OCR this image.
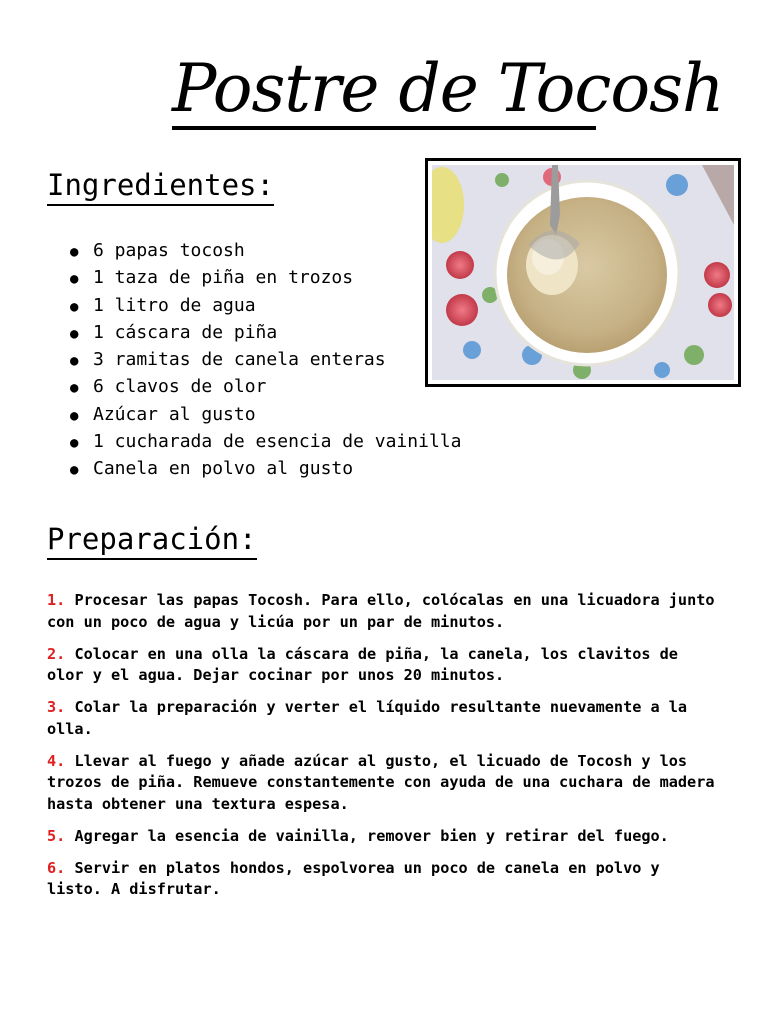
Postre de Tocosh
Ingredientes:
● 6 papas tocosh
● 1 taza de piña en trozos
● 1 litro de agua
● 1 cáscara de piña
● 3 ramitas de canela enteras
● 6 clavos de olor
● Azúcar al gusto
● 1 cucharada de esencia de vainilla
● Canela en polvo al gusto
Preparación:

1. Procesar las papas Tocosh. Para ello, colócalas en una licuadora junto con un poco de agua y licúa por un par de minutos.

2. Colocar en una olla la cáscara de piña, la canela, los clavitos de olor y el agua. Dejar cocinar por unos 20 minutos.

3. Colar la preparación y verter el líquido resultante nuevamente a la olla.

4. Llevar al fuego y añade azúcar al gusto, el licuado de Tocosh y los trozos de piña. Remueve constantemente con ayuda de una cuchara de madera hasta obtener una textura espesa.

5. Agregar la esencia de vainilla, remover bien y retirar del fuego.

6. Servir en platos hondos, espolvorea un poco de canela en polvo y listo. A disfrutar.
